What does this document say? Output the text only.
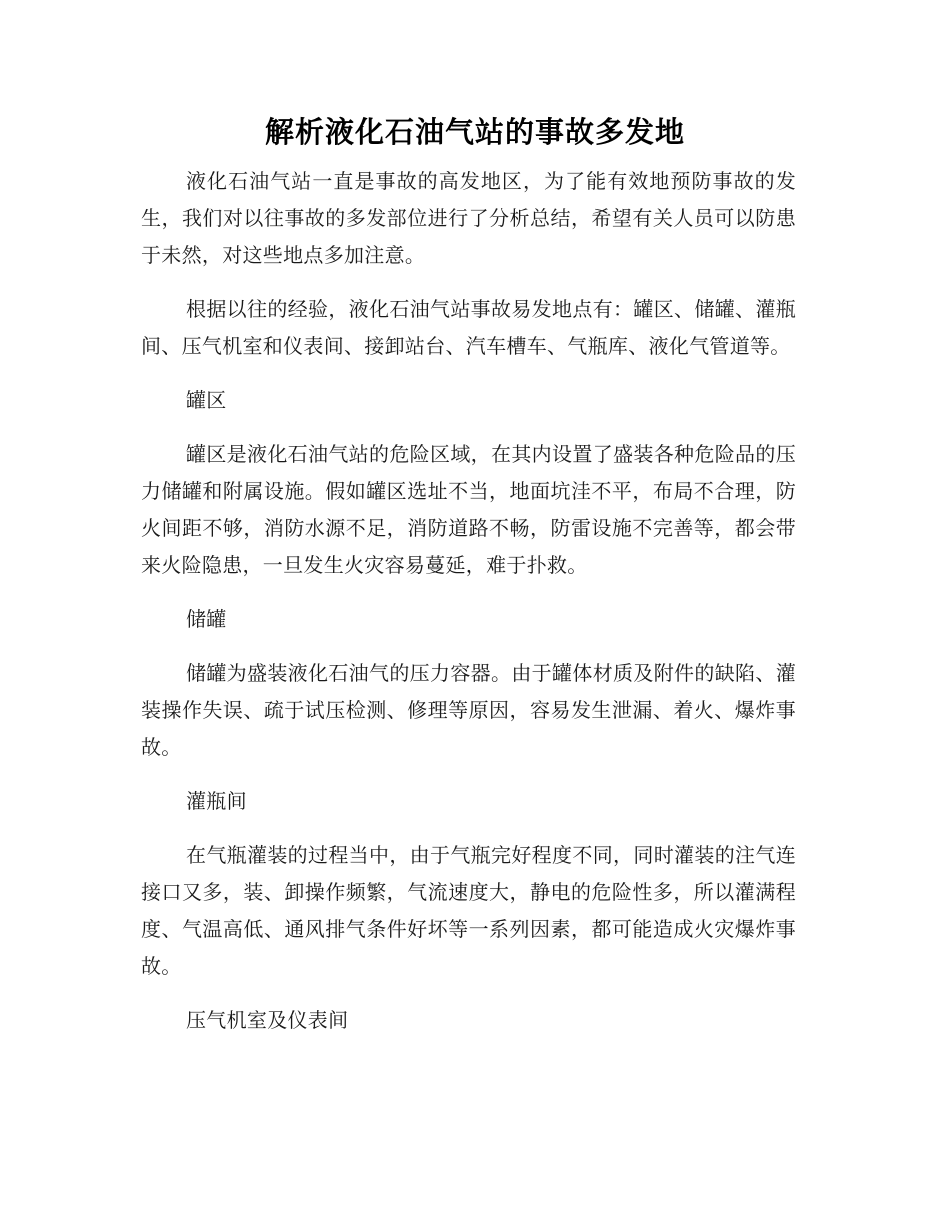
解析液化石油气站的事故多发地

液化石油气站一直是事故的高发地区，为了能有效地预防事故的发生，我们对以往事故的多发部位进行了分析总结，希望有关人员可以防患于未然，对这些地点多加注意。

根据以往的经验，液化石油气站事故易发地点有：罐区、储罐、灌瓶间、压气机室和仪表间、接卸站台、汽车槽车、气瓶库、液化气管道等。

罐区

罐区是液化石油气站的危险区域，在其内设置了盛装各种危险品的压力储罐和附属设施。假如罐区选址不当，地面坑洼不平，布局不合理，防火间距不够，消防水源不足，消防道路不畅，防雷设施不完善等，都会带来火险隐患，一旦发生火灾容易蔓延，难于扑救。

储罐

储罐为盛装液化石油气的压力容器。由于罐体材质及附件的缺陷、灌装操作失误、疏于试压检测、修理等原因，容易发生泄漏、着火、爆炸事故。

灌瓶间

在气瓶灌装的过程当中，由于气瓶完好程度不同，同时灌装的注气连接口又多，装、卸操作频繁，气流速度大，静电的危险性多，所以灌满程度、气温高低、通风排气条件好坏等一系列因素，都可能造成火灾爆炸事故。

压气机室及仪表间
